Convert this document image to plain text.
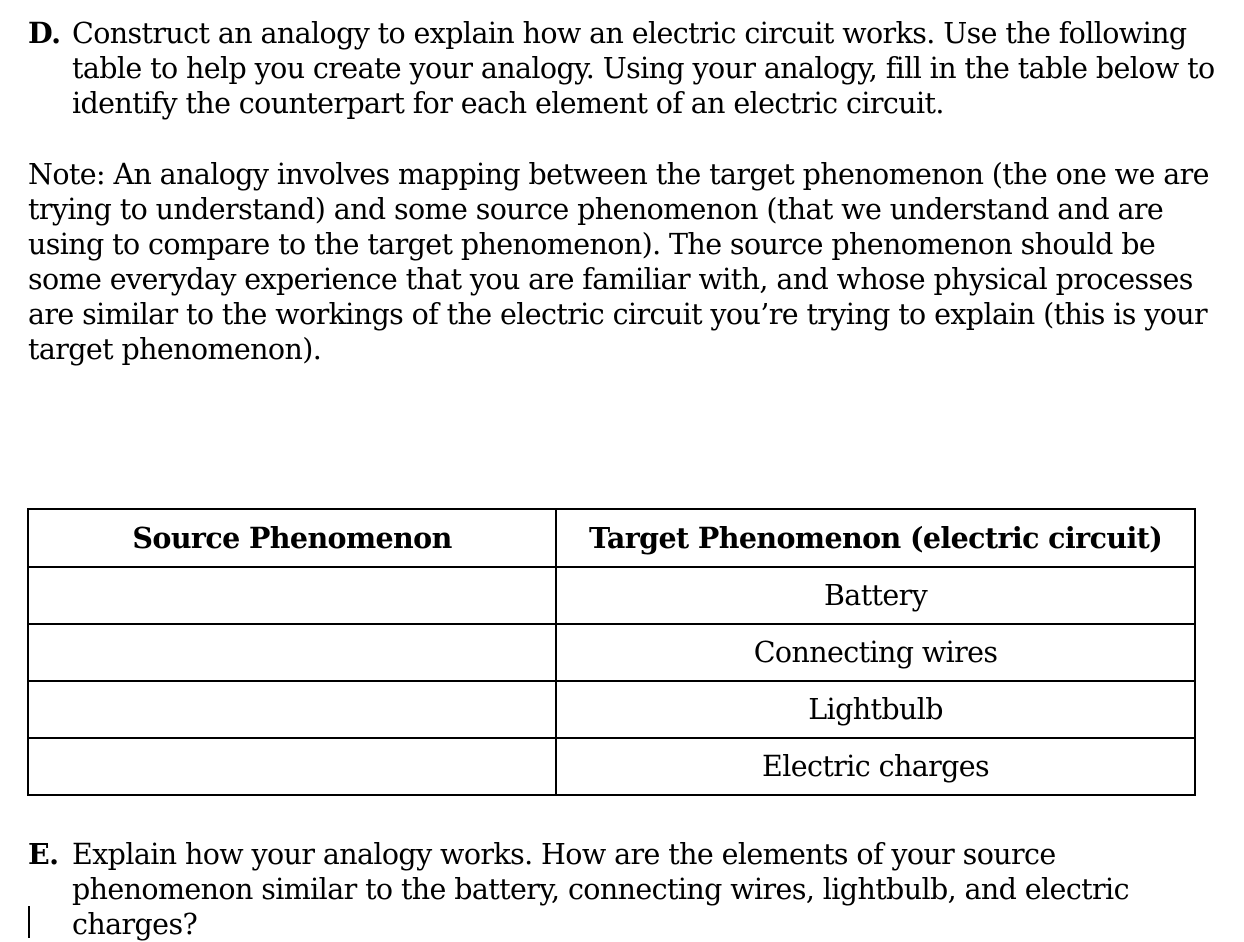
D. Construct an analogy to explain how an electric circuit works. Use the following table to help you create your analogy. Using your analogy, fill in the table below to identify the counterpart for each element of an electric circuit.
Note: An analogy involves mapping between the target phenomenon (the one we are trying to understand) and some source phenomenon (that we understand and are using to compare to the target phenomenon). The source phenomenon should be some everyday experience that you are familiar with, and whose physical processes are similar to the workings of the electric circuit you’re trying to explain (this is your target phenomenon).
Source Phenomenon	Target Phenomenon (electric circuit)
	Battery
	Connecting wires
	Lightbulb
	Electric charges
E. Explain how your analogy works. How are the elements of your source phenomenon similar to the battery, connecting wires, lightbulb, and electric charges?
